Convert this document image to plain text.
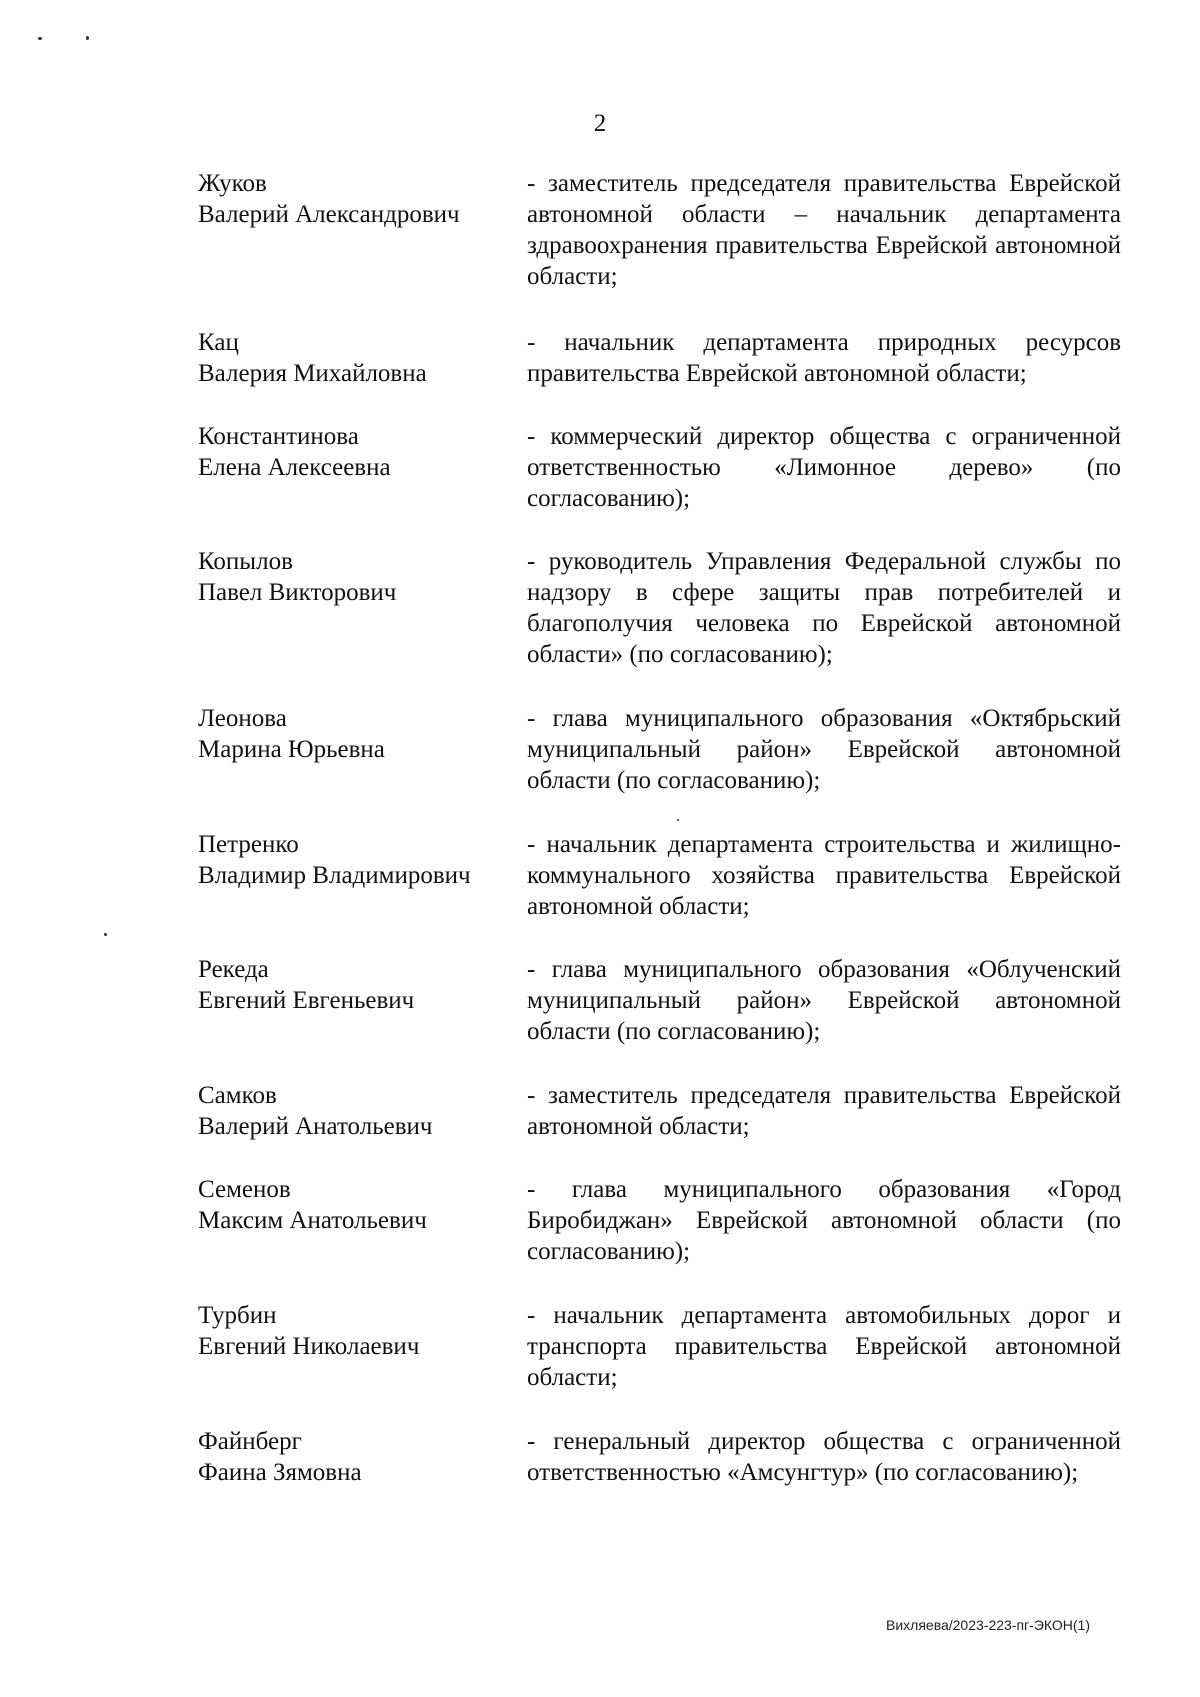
2
Жуков
Валерий Александрович
- заместитель председателя правительства Еврейской автономной области – начальник департамента здравоохранения правительства Еврейской автономной области;
Кац
Валерия Михайловна
- начальник департамента природных ресурсов правительства Еврейской автономной области;
Константинова
Елена Алексеевна
- коммерческий директор общества с ограниченной ответственностью «Лимонное дерево» (по согласованию);
Копылов
Павел Викторович
- руководитель Управления Федеральной службы по надзору в сфере защиты прав потребителей и благополучия человека по Еврейской автономной области» (по согласованию);
Леонова
Марина Юрьевна
- глава муниципального образования «Октябрьский муниципальный район» Еврейской автономной области (по согласованию);
Петренко
Владимир Владимирович
- начальник департамента строительства и жилищно-коммунального хозяйства правительства Еврейской автономной области;
Рекеда
Евгений Евгеньевич
- глава муниципального образования «Облученский муниципальный район» Еврейской автономной области (по согласованию);
Самков
Валерий Анатольевич
- заместитель председателя правительства Еврейской автономной области;
Семенов
Максим Анатольевич
- глава муниципального образования «Город Биробиджан» Еврейской автономной области (по согласованию);
Турбин
Евгений Николаевич
- начальник департамента автомобильных дорог и транспорта правительства Еврейской автономной области;
Файнберг
Фаина Зямовна
- генеральный директор общества с ограниченной ответственностью «Амсунгтур» (по согласованию);
Вихляева/2023-223-пг-ЭКОН(1)
